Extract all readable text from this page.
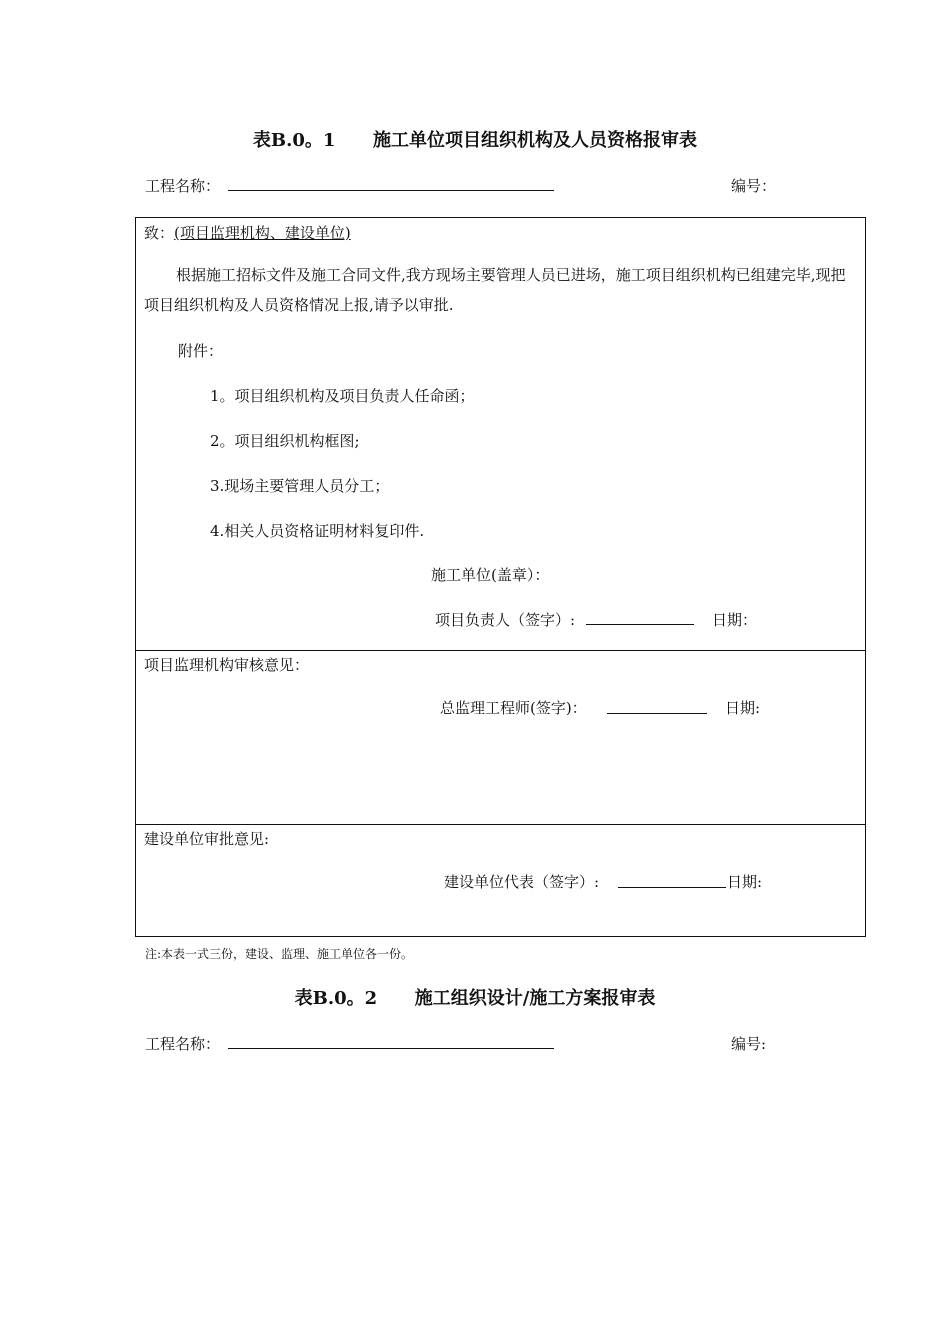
表B.0。1      施工单位项目组织机构及人员资格报审表
工程名称：	编号：
致：(项目监理机构、建设单位)
根据施工招标文件及施工合同文件,我方现场主要管理人员已进场，施工项目组织机构已组建完毕,现把项目组织机构及人员资格情况上报,请予以审批.
附件：
1。项目组织机构及项目负责人任命函；
2。项目组织机构框图;
3.现场主要管理人员分工；
4.相关人员资格证明材料复印件.
施工单位(盖章）：
项目负责人（签字）:	日期：
项目监理机构审核意见：
总监理工程师(签字)：	日期:
建设单位审批意见:
建设单位代表（签字）:	日期:
注:本表一式三份，建设、监理、施工单位各一份。
表B.0。2      施工组织设计/施工方案报审表
工程名称：	编号:
